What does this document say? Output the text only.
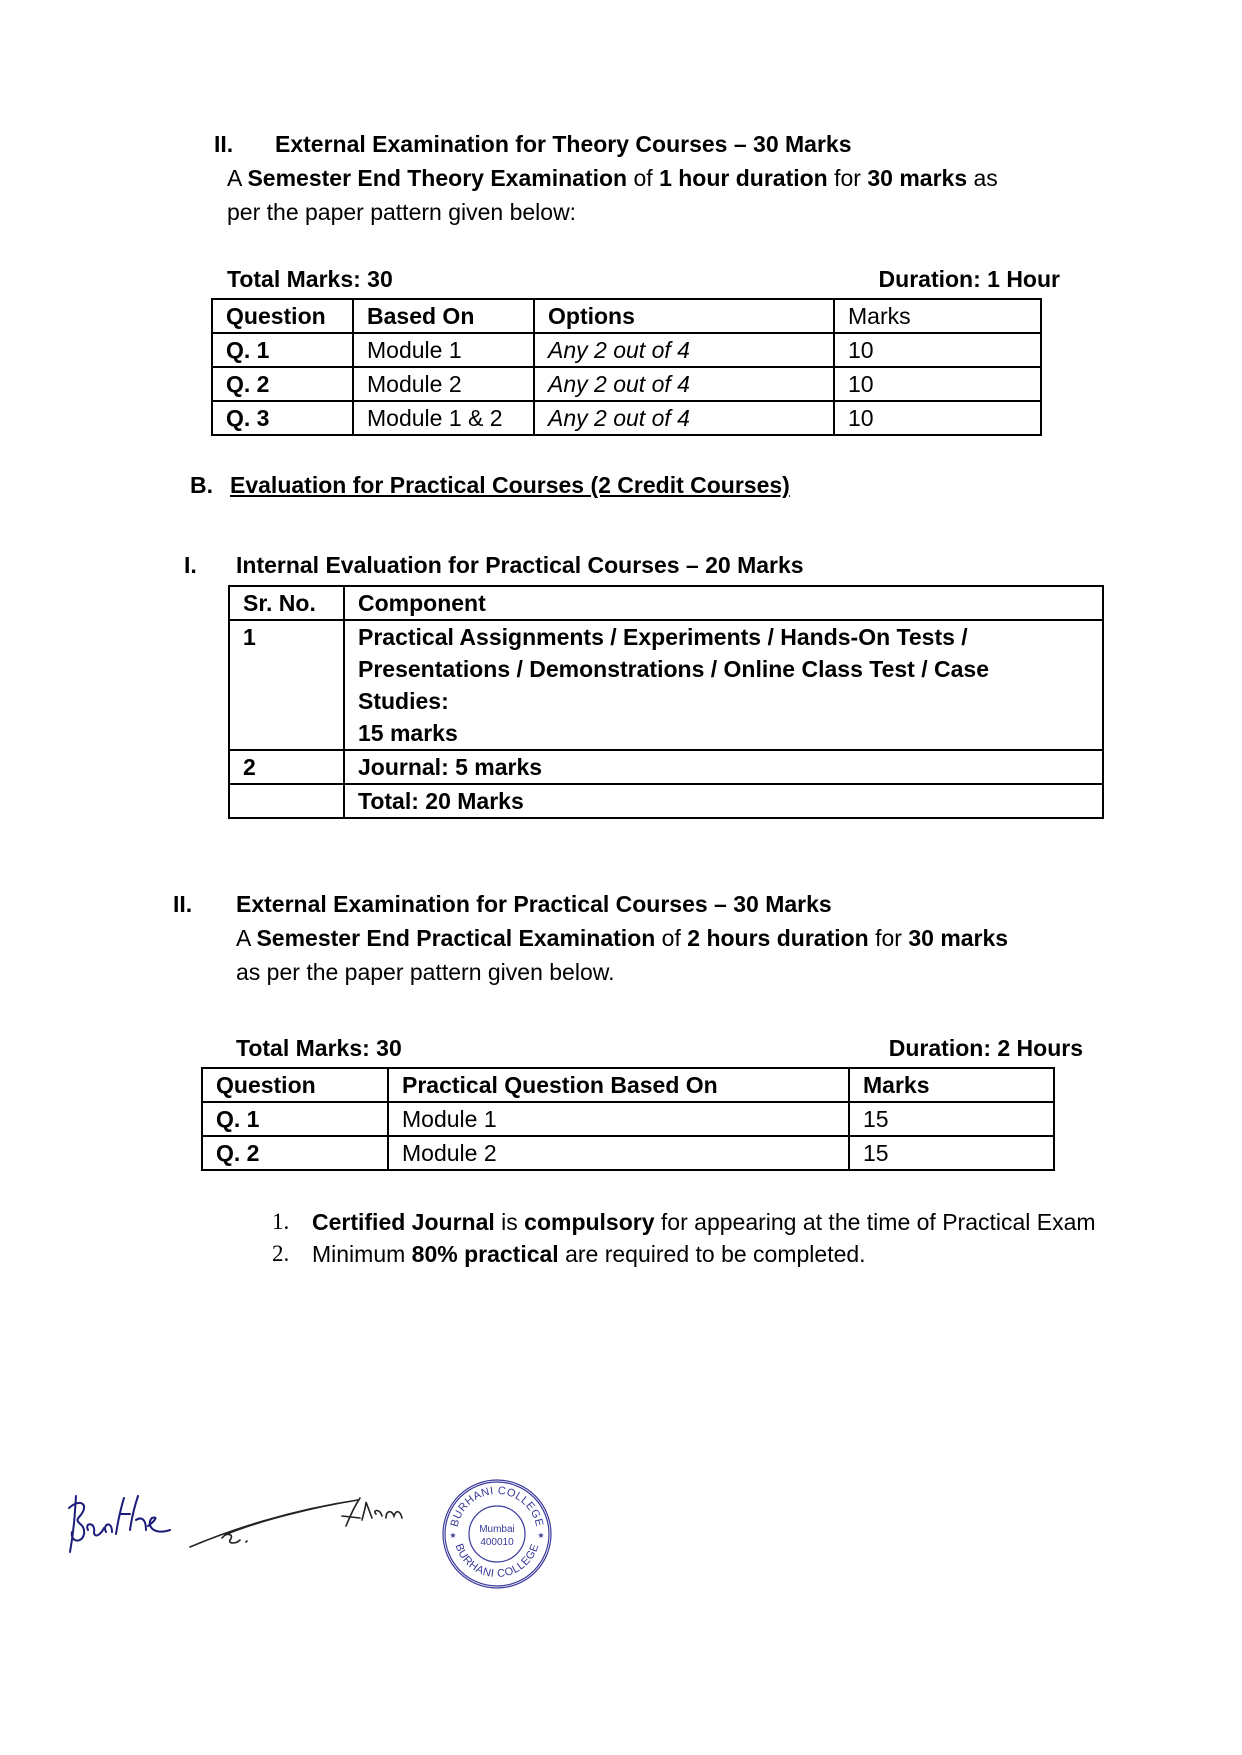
II. External Examination for Theory Courses – 30 Marks
A Semester End Theory Examination of 1 hour duration for 30 marks as
per the paper pattern given below:
Total Marks: 30	Duration: 1 Hour
Question	Based On	Options	Marks
Q. 1	Module 1	Any 2 out of 4	10
Q. 2	Module 2	Any 2 out of 4	10
Q. 3	Module 1 & 2	Any 2 out of 4	10
B. Evaluation for Practical Courses (2 Credit Courses)
I. Internal Evaluation for Practical Courses – 20 Marks
Sr. No.	Component
1	Practical Assignments / Experiments / Hands-On Tests / Presentations / Demonstrations / Online Class Test / Case Studies:
15 marks

2	Journal: 5 marks
	Total: 20 Marks
II. External Examination for Practical Courses – 30 Marks
A Semester End Practical Examination of 2 hours duration for 30 marks
as per the paper pattern given below.
Total Marks: 30	Duration: 2 Hours
Question	Practical Question Based On	Marks
Q. 1	Module 1	15
Q. 2	Module 2	15
1. Certified Journal is compulsory for appearing at the time of Practical Exam
2. Minimum 80% practical are required to be completed.
BURHANI COLLEGE
BURHANI COLLEGE
Mumbai
400010
★	★
